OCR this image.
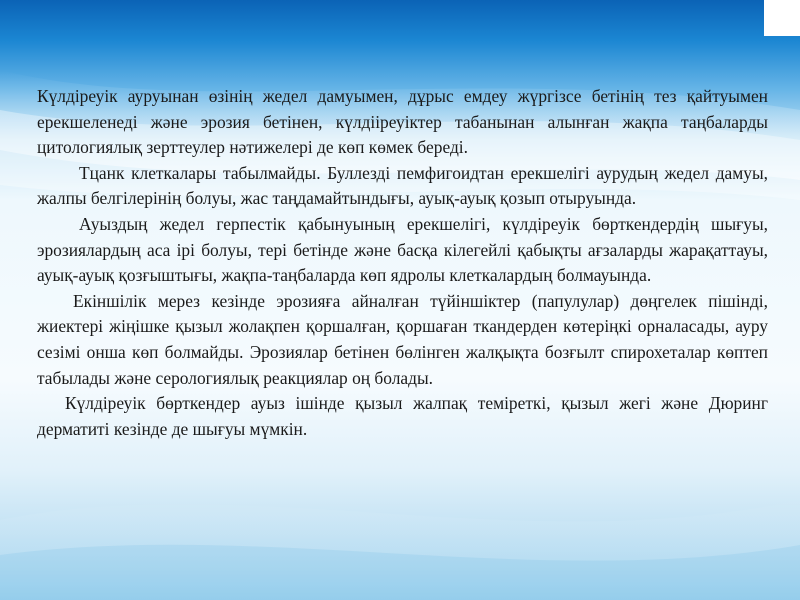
Күлдіреуік ауруынан өзінің жедел дамуымен, дұрыс емдеу жүргізсе бетінің тез қайтуымен ерекшеленеді және эрозия бетінен, күлдііреуіктер табанынан алынған жақпа таңбаларды цитологиялық зерттеулер нәтижелері де көп көмек береді.

Тцанк клеткалары табылмайды. Буллезді пемфигоидтан ерекшелігі аурудың жедел дамуы, жалпы белгілерінің болуы, жас таңдамайтындығы, ауық-ауық қозып отыруында.

Ауыздың жедел герпестік қабынуының ерекшелігі, күлдіреуік бөрткендердің шығуы, эрозиялардың аса ірі болуы, тері бетінде және басқа кілегейлі қабықты ағзаларды жарақаттауы, ауық-ауық қозғыштығы, жақпа-таңбаларда көп ядролы клеткалардың болмауында.

Екіншілік мерез кезінде эрозияға айналған түйіншіктер (папулулар) дөңгелек пішінді, жиектері жіңішке қызыл жолақпен қоршалған, қоршаған ткандерден көтеріңкі орналасады, ауру сезімі онша көп болмайды. Эрозиялар бетінен бөлінген жалқықта бозғылт спирохеталар көптеп табылады және серологиялық реакциялар оң болады.

Күлдіреуік бөрткендер ауыз ішінде қызыл жалпақ теміреткі, қызыл жегі және Дюринг дерматиті кезінде де шығуы мүмкін.
